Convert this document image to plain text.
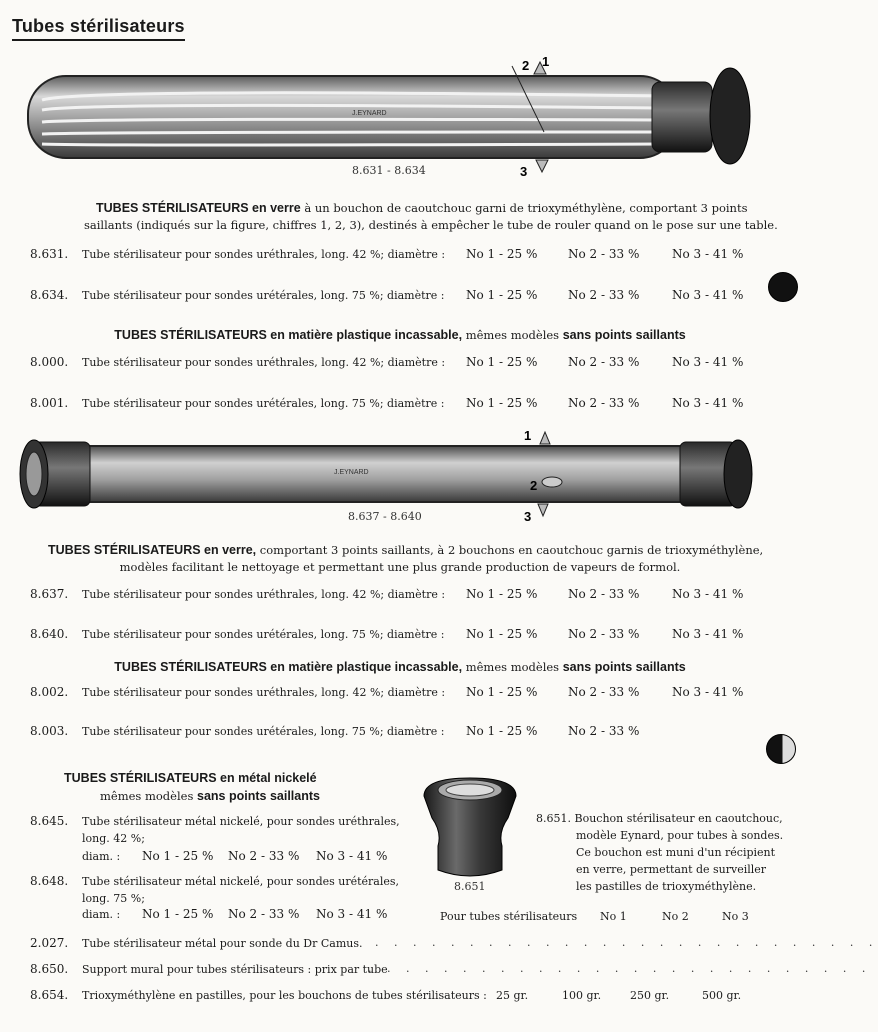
Tubes stérilisateurs
J.EYNARD
2 1
3
8.631 - 8.634
TUBES STÉRILISATEURS en verre à un bouchon de caoutchouc garni de trioxyméthylène, comportant 3 points
saillants (indiqués sur la figure, chiffres 1, 2, 3), destinés à empêcher le tube de rouler quand on le pose sur une table.
8.631. Tube stérilisateur pour sondes uréthrales, long. 42 %; diamètre : No 1 - 25 %	No 2 - 33 %	No 3 - 41 %
8.634. Tube stérilisateur pour sondes urétérales, long. 75 %; diamètre : No 1 - 25 %	No 2 - 33 %	No 3 - 41 %
TUBES STÉRILISATEURS en matière plastique incassable, mêmes modèles sans points saillants
8.000. Tube stérilisateur pour sondes uréthrales, long. 42 %; diamètre : No 1 - 25 %	No 2 - 33 %	No 3 - 41 %
8.001. Tube stérilisateur pour sondes urétérales, long. 75 %; diamètre : No 1 - 25 %	No 2 - 33 %	No 3 - 41 %
J.EYNARD
1
2
3
8.637 - 8.640
TUBES STÉRILISATEURS en verre, comportant 3 points saillants, à 2 bouchons en caoutchouc garnis de trioxyméthylène,
modèles facilitant le nettoyage et permettant une plus grande production de vapeurs de formol.
8.637. Tube stérilisateur pour sondes uréthrales, long. 42 %; diamètre : No 1 - 25 %	No 2 - 33 %	No 3 - 41 %
8.640. Tube stérilisateur pour sondes urétérales, long. 75 %; diamètre : No 1 - 25 %	No 2 - 33 %	No 3 - 41 %
TUBES STÉRILISATEURS en matière plastique incassable, mêmes modèles sans points saillants
8.002. Tube stérilisateur pour sondes uréthrales, long. 42 %; diamètre : No 1 - 25 %	No 2 - 33 %	No 3 - 41 %
8.003. Tube stérilisateur pour sondes urétérales, long. 75 %; diamètre : No 1 - 25 %	No 2 - 33 %
TUBES STÉRILISATEURS en métal nickelé
mêmes modèles sans points saillants
8.645. Tube stérilisateur métal nickelé, pour sondes uréthrales,
long. 42 %;
diam. : No 1 - 25 % No 2 - 33 % No 3 - 41 %
8.648. Tube stérilisateur métal nickelé, pour sondes urétérales,
long. 75 %;
diam. : No 1 - 25 % No 2 - 33 % No 3 - 41 %
8.651
8.651. Bouchon stérilisateur en caoutchouc,
modèle Eynard, pour tubes à sondes.
Ce bouchon est muni d'un récipient
en verre, permettant de surveiller
les pastilles de trioxyméthylène.
Pour tubes stérilisateurs No 1	No 2	No 3
2.027. Tube stérilisateur métal pour sonde du Dr Camus. . . . . . . . . . . . . . . . . . . . . . . . . . . .
8.650. Support mural pour tubes stérilisateurs : prix par tube
. . . . . . . . . . . . . . . . . . . . . . . . . . .
8.654. Trioxyméthylène en pastilles, pour les bouchons de tubes stérilisateurs : 25 gr.	100 gr.	250 gr.	500 gr.
